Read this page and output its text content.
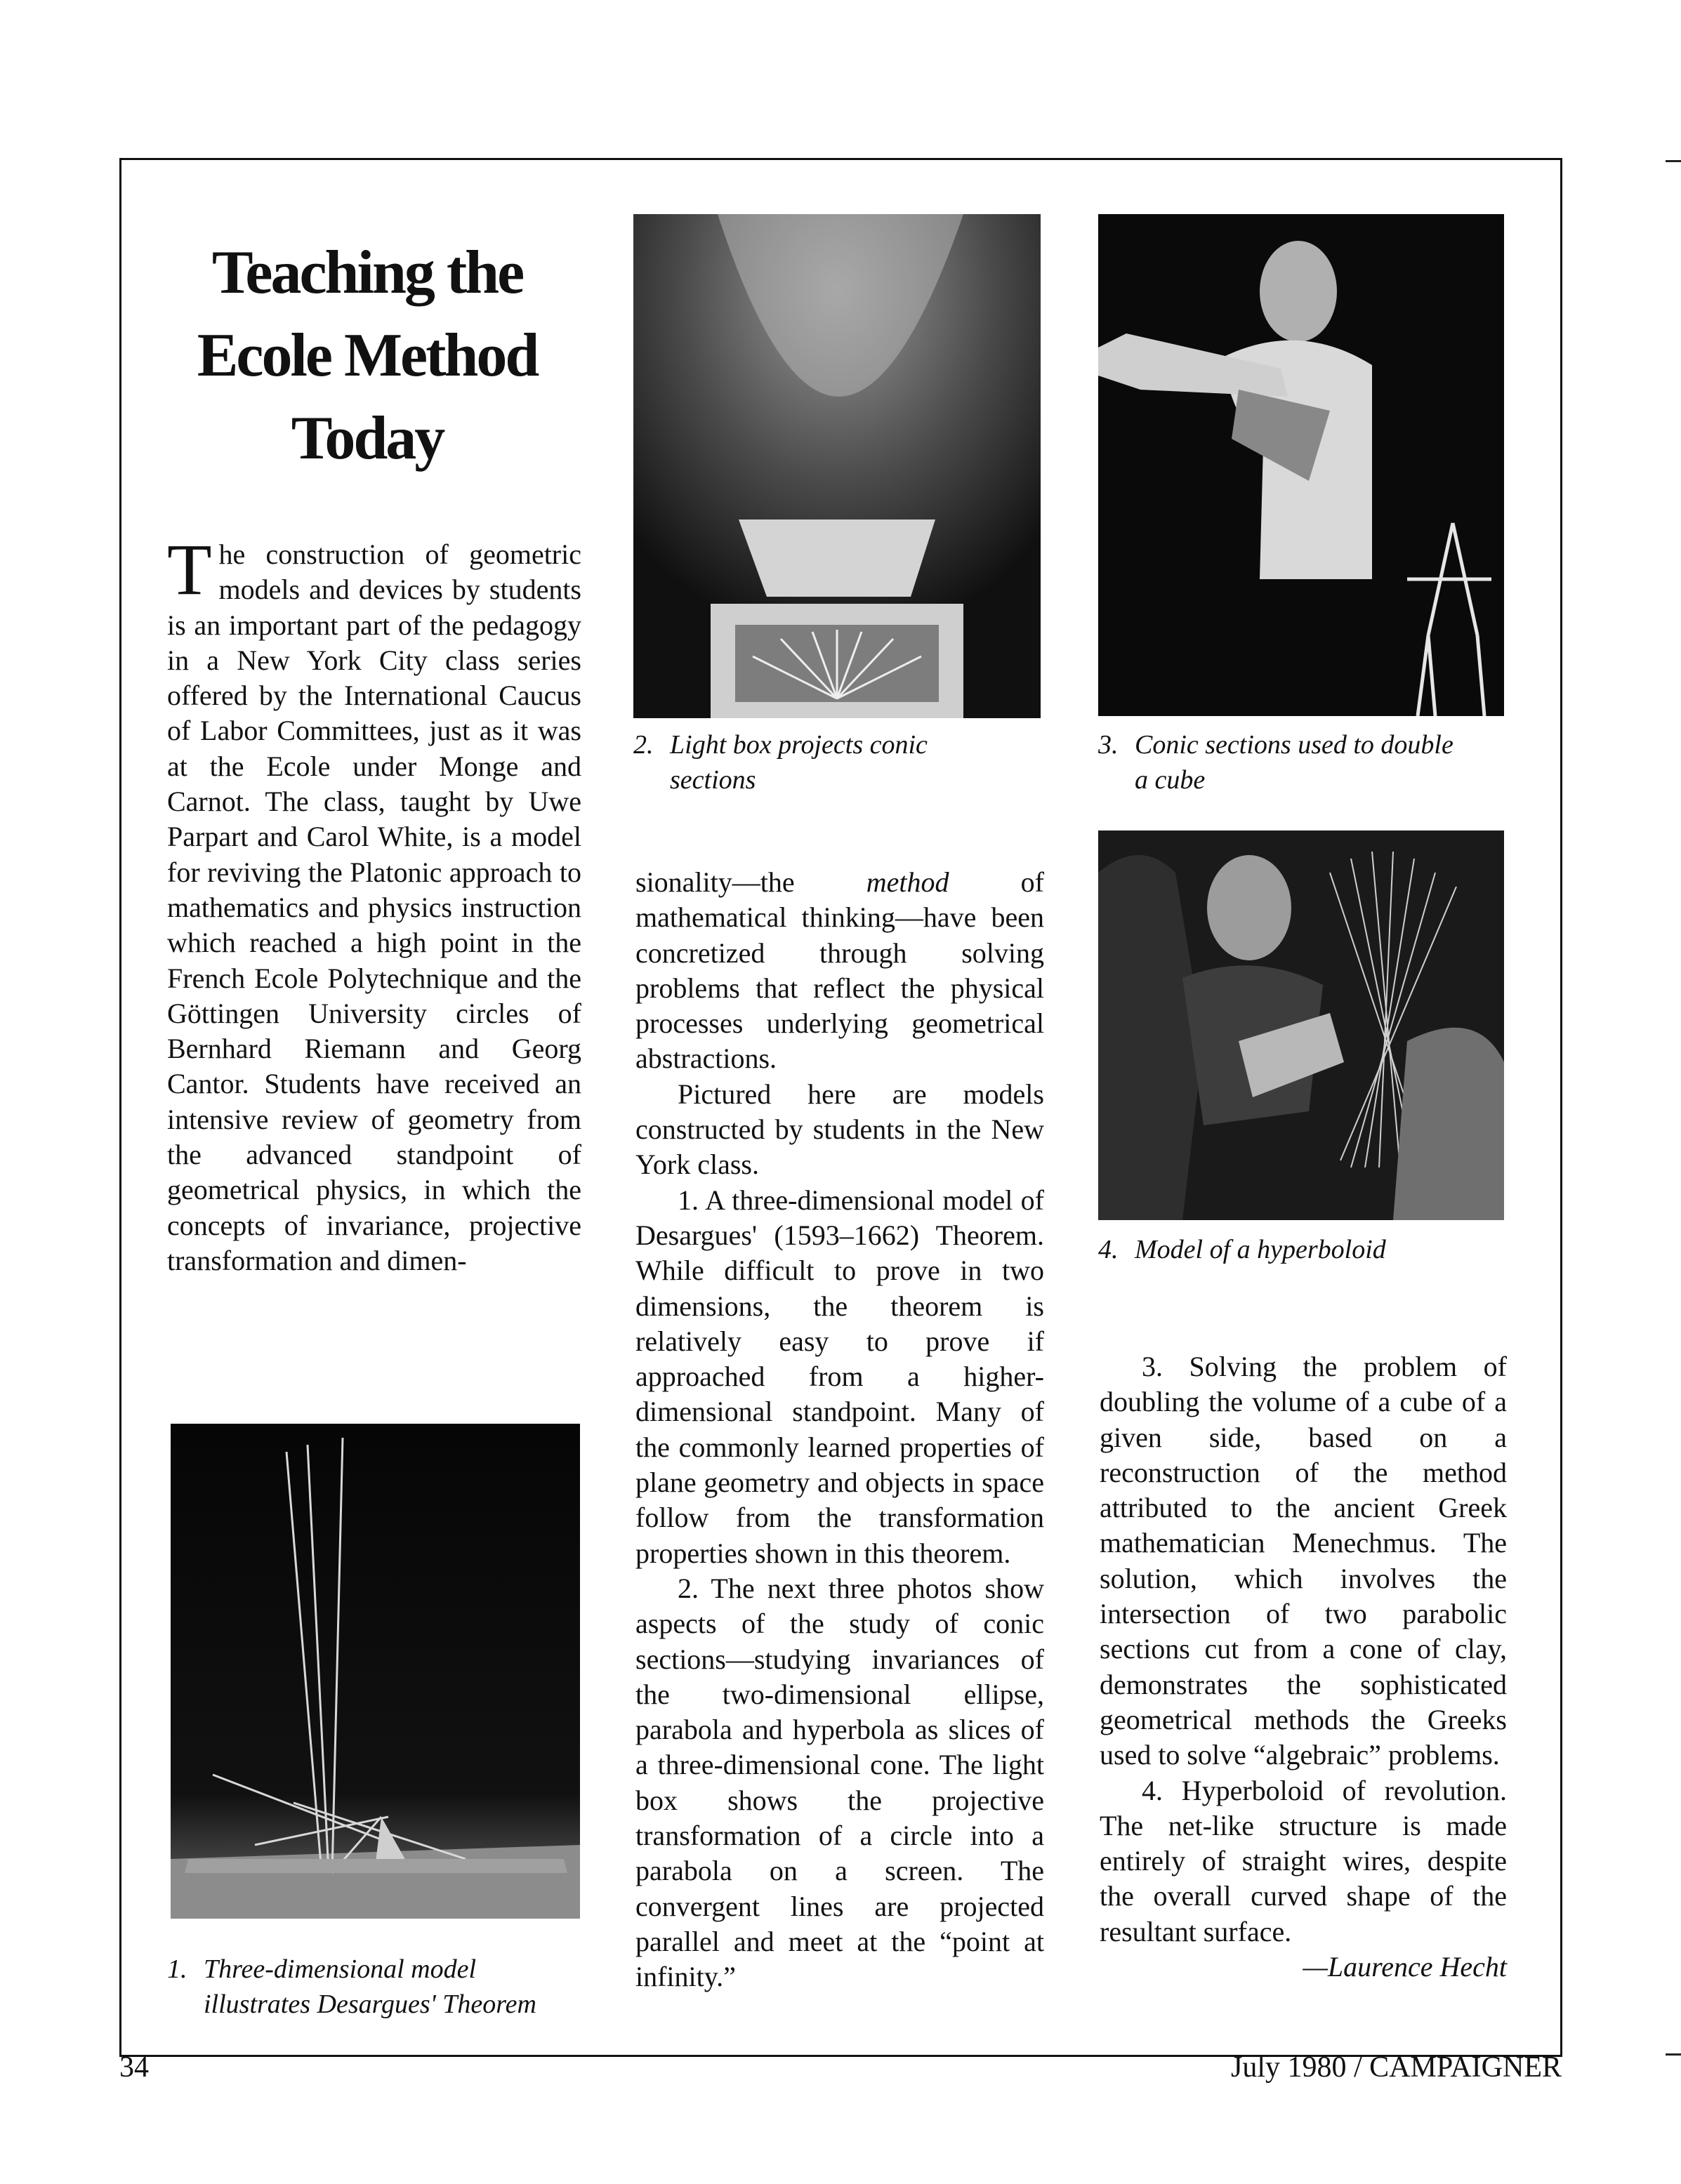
Teaching the
Ecole Method
Today

The construction of geometric models and devices by students is an important part of the pedagogy in a New York City class series offered by the International Caucus of Labor Committees, just as it was at the Ecole under Monge and Carnot. The class, taught by Uwe Parpart and Carol White, is a model for reviving the Platonic approach to mathematics and physics instruction which reached a high point in the French Ecole Polytechnique and the Göttingen University circles of Bernhard Riemann and Georg Cantor. Students have received an intensive review of geometry from the advanced standpoint of geometrical physics, in which the concepts of invariance, projective transformation and dimen-

1. Three-dimensional model
illustrates Desargues' Theorem
2. Light box projects conic
sections

sionality—the method of mathematical thinking—have been concretized through solving problems that reflect the physical processes underlying geometrical abstractions.

Pictured here are models constructed by students in the New York class.

1. A three-dimensional model of Desargues' (1593–1662) Theorem. While difficult to prove in two dimensions, the theorem is relatively easy to prove if approached from a higher-dimensional standpoint. Many of the commonly learned properties of plane geometry and objects in space follow from the transformation properties shown in this theorem.

2. The next three photos show aspects of the study of conic sections—studying invariances of the two-dimensional ellipse, parabola and hyperbola as slices of a three-dimensional cone. The light box shows the projective transformation of a circle into a parabola on a screen. The convergent lines are projected parallel and meet at the “point at infinity.”

3. Conic sections used to double
a cube
4. Model of a hyperboloid

3. Solving the problem of doubling the volume of a cube of a given side, based on a reconstruction of the method attributed to the ancient Greek mathematician Menechmus. The solution, which involves the intersection of two parabolic sections cut from a cone of clay, demonstrates the sophisticated geometrical methods the Greeks used to solve “algebraic” problems.

4. Hyperboloid of revolution. The net-like structure is made entirely of straight wires, despite the overall curved shape of the resultant surface.

—Laurence Hecht

34	July 1980 / CAMPAIGNER
